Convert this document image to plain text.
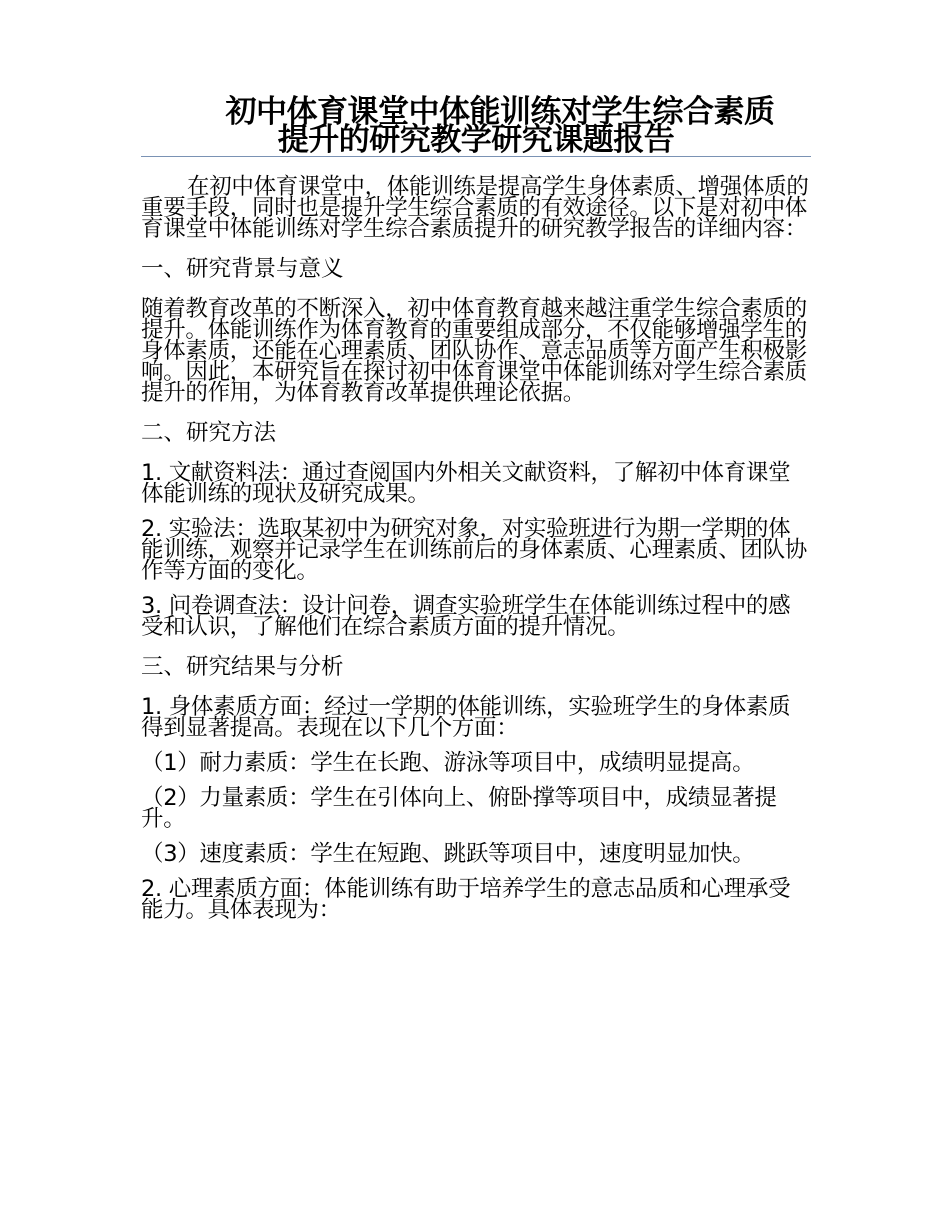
初中体育课堂中体能训练对学生综合素质
提升的研究教学研究课题报告

在初中体育课堂中，体能训练是提高学生身体素质、增强体质的重要手段，同时也是提升学生综合素质的有效途径。以下是对初中体育课堂中体能训练对学生综合素质提升的研究教学报告的详细内容：

一、研究背景与意义

随着教育改革的不断深入，初中体育教育越来越注重学生综合素质的提升。体能训练作为体育教育的重要组成部分，不仅能够增强学生的身体素质，还能在心理素质、团队协作、意志品质等方面产生积极影响。因此，本研究旨在探讨初中体育课堂中体能训练对学生综合素质提升的作用，为体育教育改革提供理论依据。

二、研究方法

1. 文献资料法：通过查阅国内外相关文献资料，了解初中体育课堂体能训练的现状及研究成果。

2. 实验法：选取某初中为研究对象，对实验班进行为期一学期的体能训练，观察并记录学生在训练前后的身体素质、心理素质、团队协作等方面的变化。

3. 问卷调查法：设计问卷，调查实验班学生在体能训练过程中的感受和认识，了解他们在综合素质方面的提升情况。

三、研究结果与分析

1. 身体素质方面：经过一学期的体能训练，实验班学生的身体素质得到显著提高。表现在以下几个方面：

（1）耐力素质：学生在长跑、游泳等项目中，成绩明显提高。

（2）力量素质：学生在引体向上、俯卧撑等项目中，成绩显著提升。

（3）速度素质：学生在短跑、跳跃等项目中，速度明显加快。

2. 心理素质方面：体能训练有助于培养学生的意志品质和心理承受能力。具体表现为：
